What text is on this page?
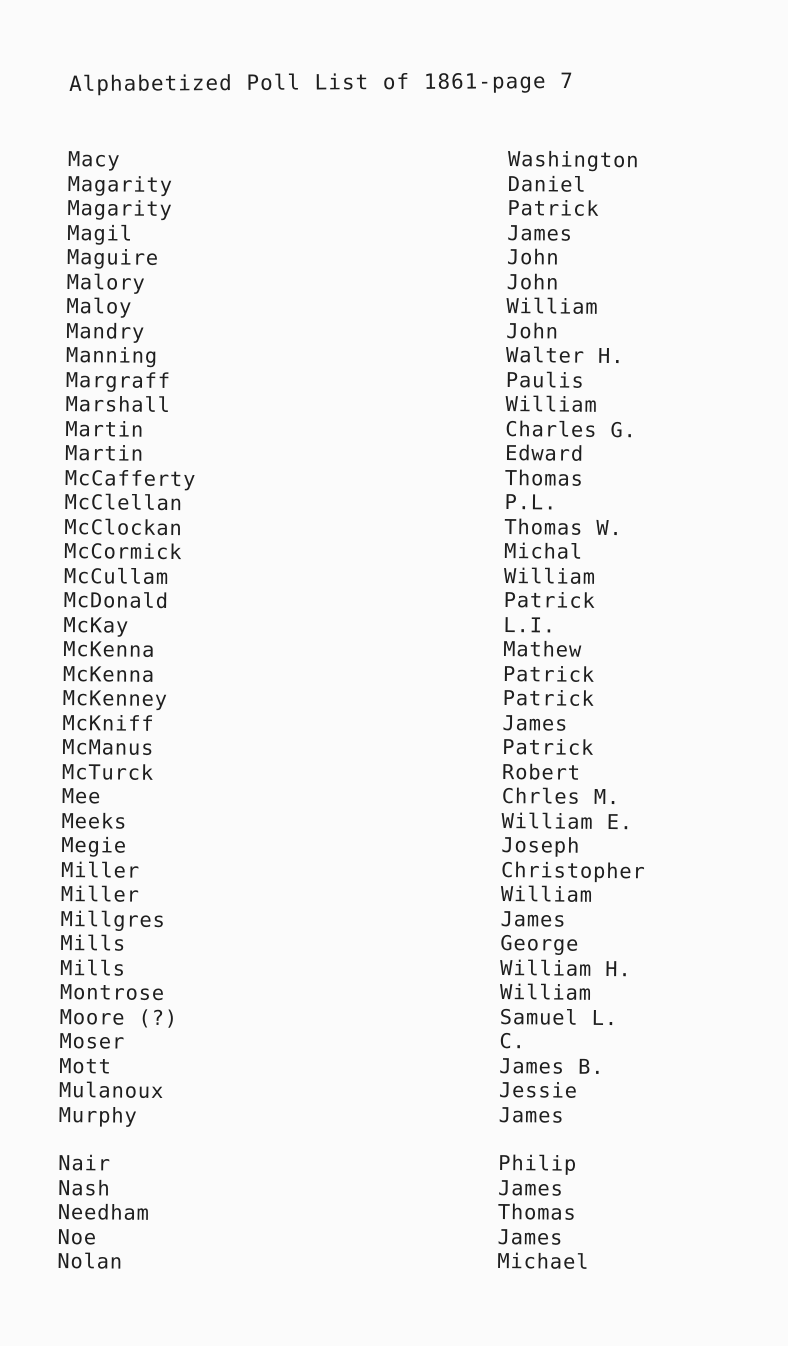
Alphabetized Poll List of 1861-page 7
Macy
Magarity
Magarity
Magil
Maguire
Malory
Maloy
Mandry
Manning
Margraff
Marshall
Martin
Martin
McCafferty
McClellan
McClockan
McCormick
McCullam
McDonald
McKay
McKenna
McKenna
McKenney
McKniff
McManus
McTurck
Mee
Meeks
Megie
Miller
Miller
Millgres
Mills
Mills
Montrose
Moore (?)
Moser
Mott
Mulanoux
Murphy
Nair
Nash
Needham
Noe
Nolan
Washington
Daniel
Patrick
James
John
John
William
John
Walter H.
Paulis
William
Charles G.
Edward
Thomas
P.L.
Thomas W.
Michal
William
Patrick
L.I.
Mathew
Patrick
Patrick
James
Patrick
Robert
Chrles M.
William E.
Joseph
Christopher
William
James
George
William H.
William
Samuel L.
C.
James B.
Jessie
James
Philip
James
Thomas
James
Michael
